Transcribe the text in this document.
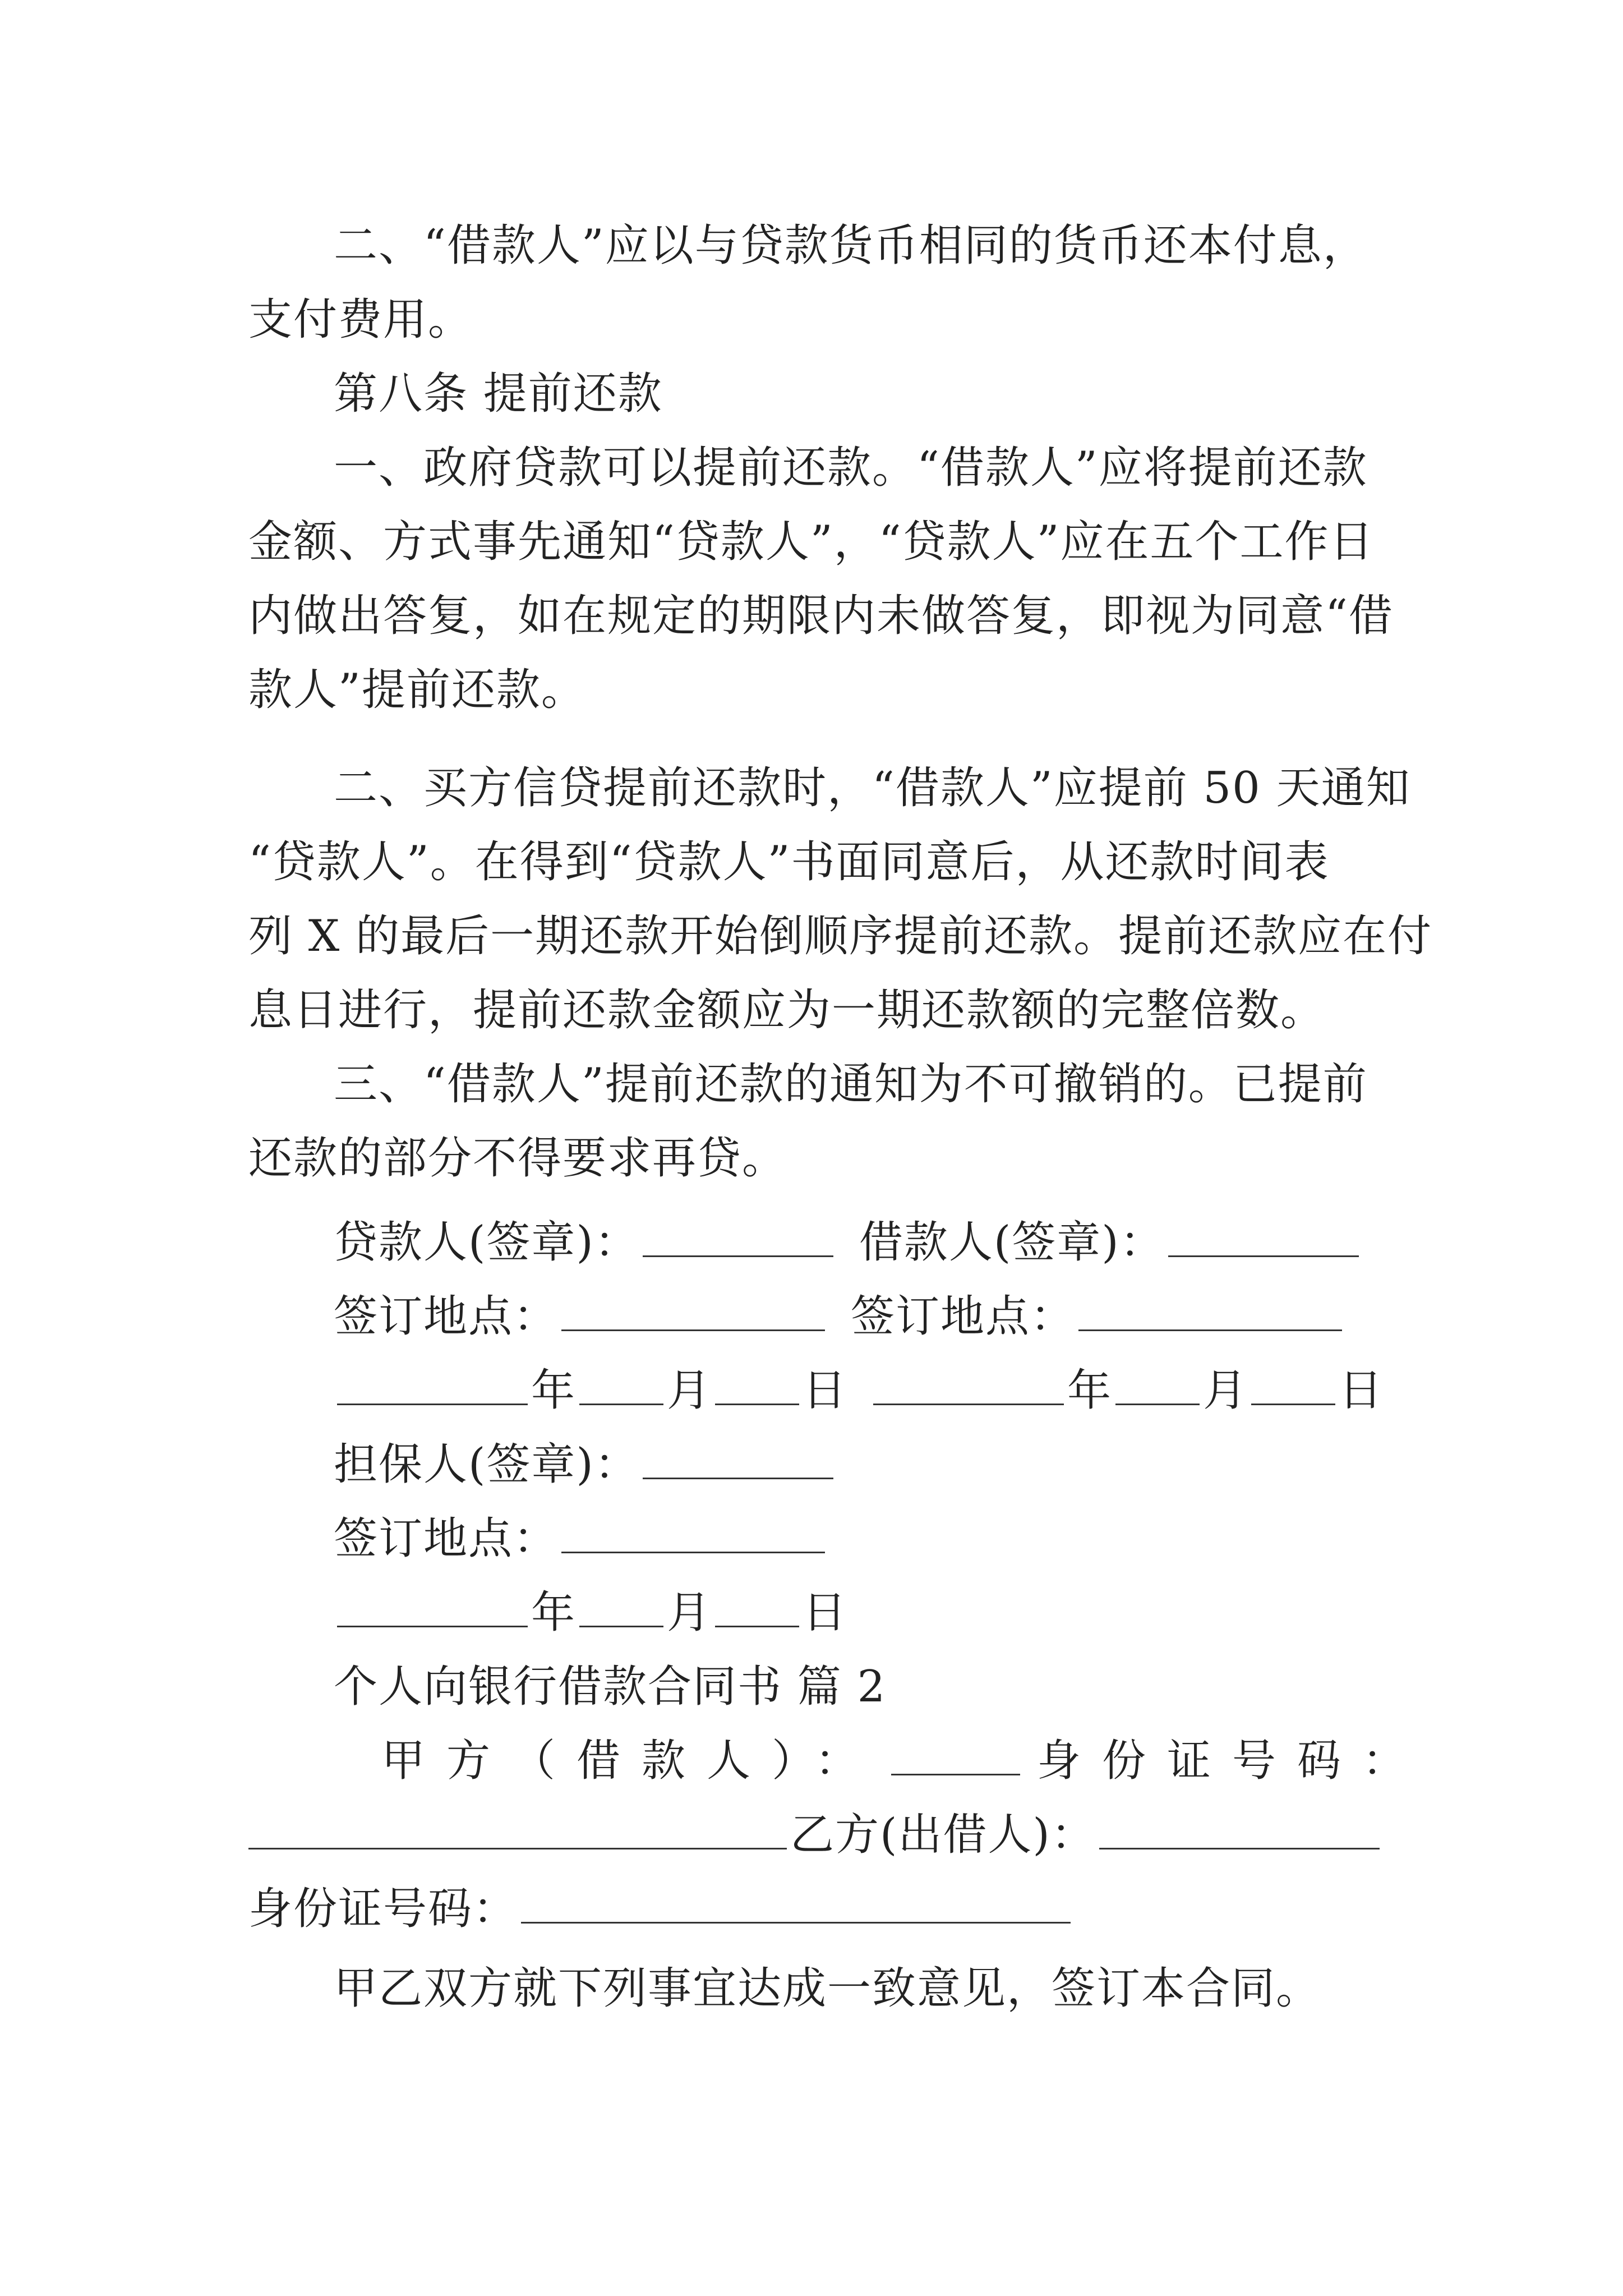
二、“借款人”应以与贷款货币相同的货币还本付息，
支付费用。
第八条 提前还款
一、政府贷款可以提前还款。“借款人”应将提前还款
金额、方式事先通知“贷款人”，“贷款人”应在五个工作日
内做出答复，如在规定的期限内未做答复，即视为同意“借
款人”提前还款。
二、买方信贷提前还款时，“借款人”应提前 50 天通知
“贷款人”。在得到“贷款人”书面同意后，从还款时间表
列 X 的最后一期还款开始倒顺序提前还款。提前还款应在付
息日进行，提前还款金额应为一期还款额的完整倍数。
三、“借款人”提前还款的通知为不可撤销的。已提前
还款的部分不得要求再贷。
贷款人(签章)：	借款人(签章)：
签订地点：	签订地点：
年 月 日	年 月 日
担保人(签章)：
签订地点：
年 月 日
个人向银行借款合同书 篇 2
甲方（借款人）：	身份证号码：
乙方(出借人)：
身份证号码：
甲乙双方就下列事宜达成一致意见，签订本合同。
